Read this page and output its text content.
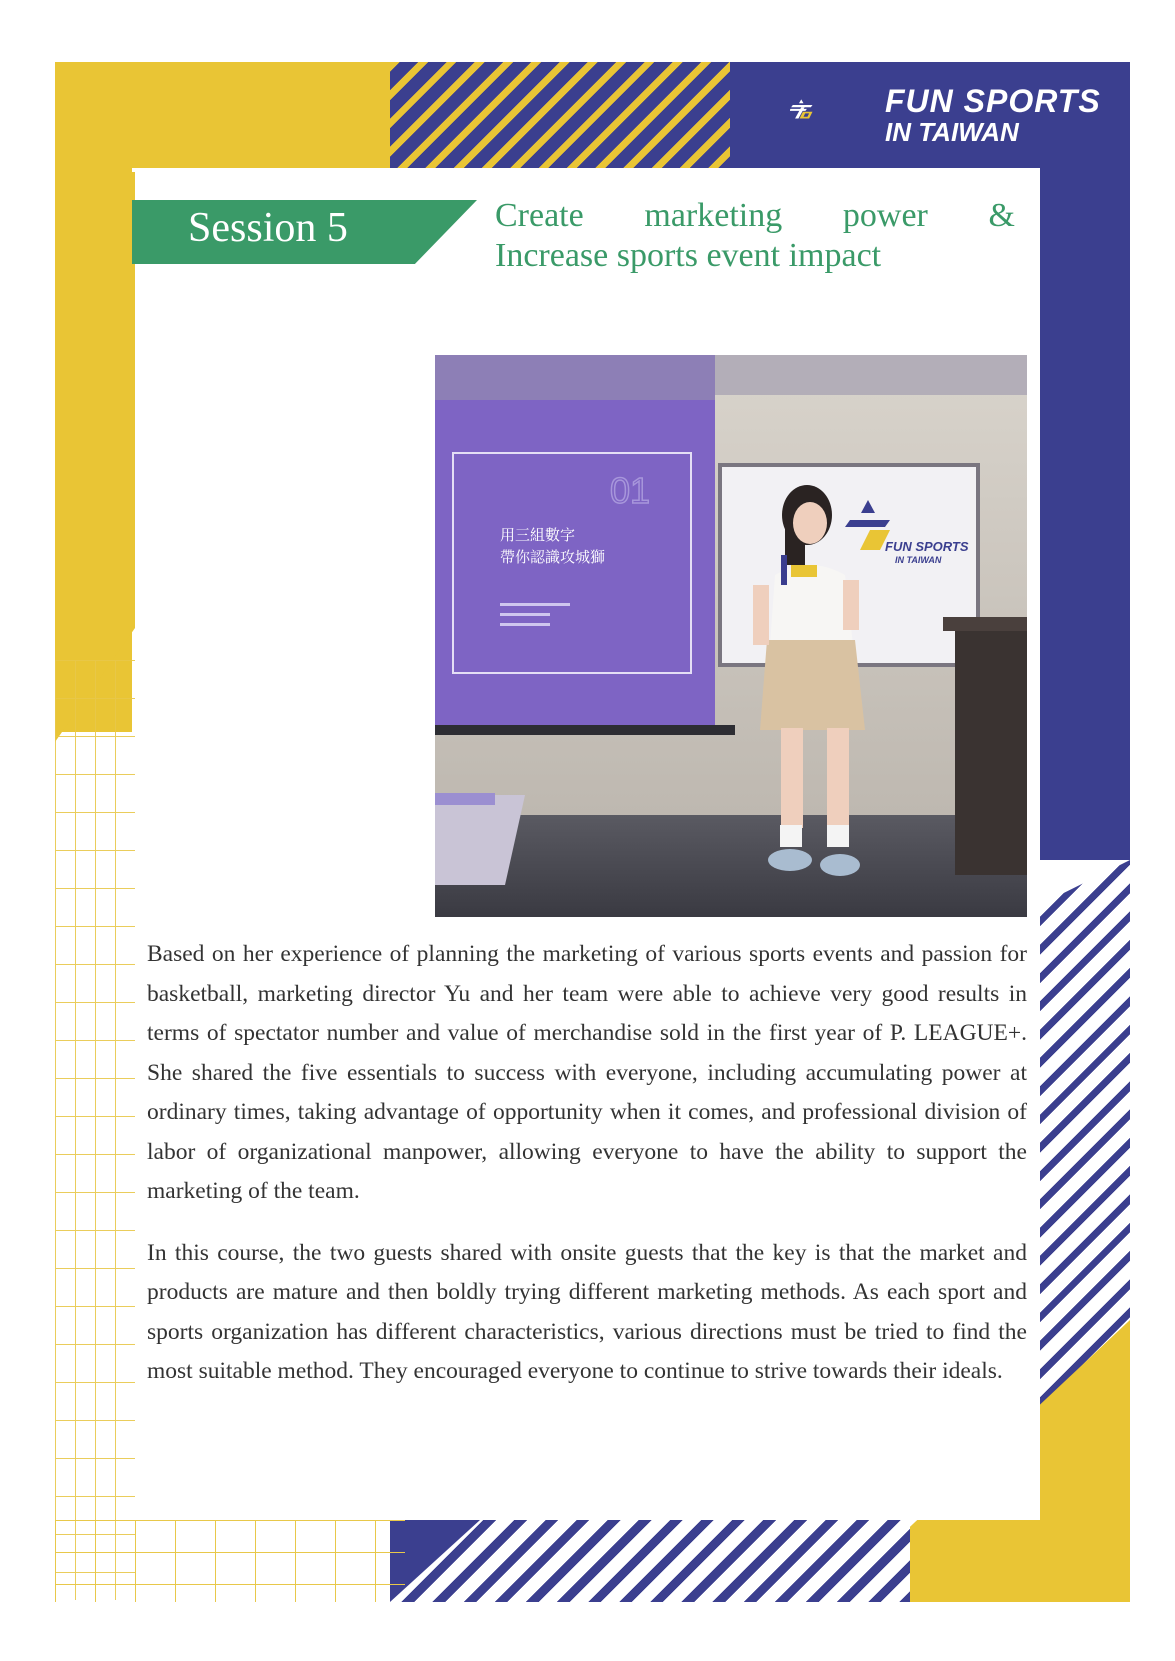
FUN SPORTS
IN TAIWAN
Session 5	Create marketing power &
Increase sports event impact
01
用三組數字
帶你認識攻城獅
FUN SPORTS
IN TAIWAN

Based on her experience of planning the marketing of various sports events and passion for basketball, marketing director Yu and her team were able to achieve very good results in terms of spectator number and value of merchandise sold in the first year of P. LEAGUE+. She shared the five essentials to success with everyone, including accumulating power at ordinary times, taking advantage of opportunity when it comes, and professional division of labor of organizational manpower, allowing everyone to have the ability to support the marketing of the team.

In this course, the two guests shared with onsite guests that the key is that the market and products are mature and then boldly trying different marketing methods. As each sport and sports organization has different characteristics, various directions must be tried to find the most suitable method. They encouraged everyone to continue to strive towards their ideals.
